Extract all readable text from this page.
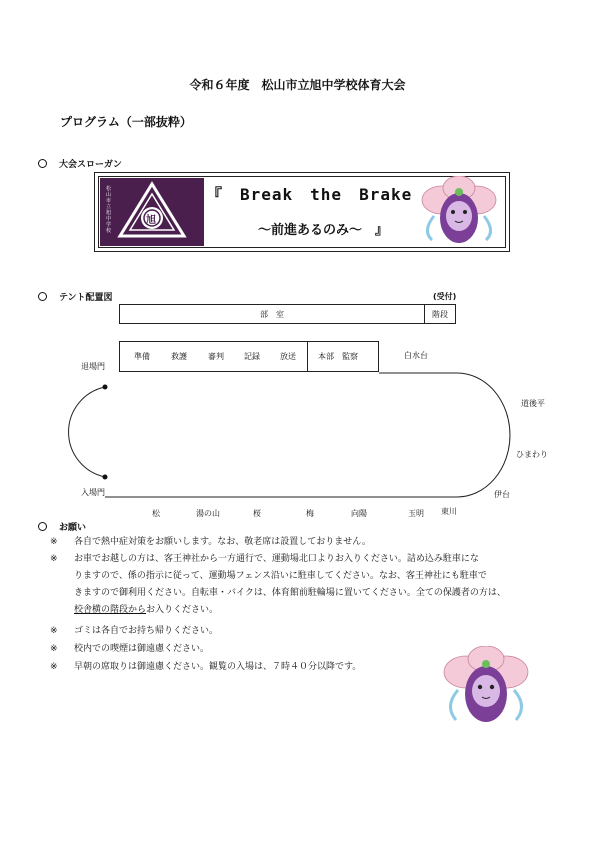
令和６年度　松山市立旭中学校体育大会
プログラム（一部抜粋）
大会スローガン
松山市立旭中学校
旭
『　Break　the　Brake
～前進あるのみ～　』
テント配置図	(受付)
部　室	階段
準備	救護	審判	記録	放送	本部　監察
退場門
入場門
白水台
道後平
ひまわり
伊台
東川
玉明
向陽
梅
桜
湯の山
松
お願い
※ 各自で熱中症対策をお願いします。なお、敬老席は設置しておりません。
※ お車でお越しの方は、客王神社から一方通行で、運動場北口よりお入りください。詰め込み駐車にな
りますので、係の指示に従って、運動場フェンス沿いに駐車してください。なお、客王神社にも駐車で
きますので御利用ください。自転車・バイクは、体育館前駐輪場に置いてください。全ての保護者の方は、
校舎横の階段からお入りください。
※ ゴミは各自でお持ち帰りください。
※ 校内での喫煙は御遠慮ください。
※ 早朝の席取りは御遠慮ください。観覧の入場は、７時４０分以降です。
